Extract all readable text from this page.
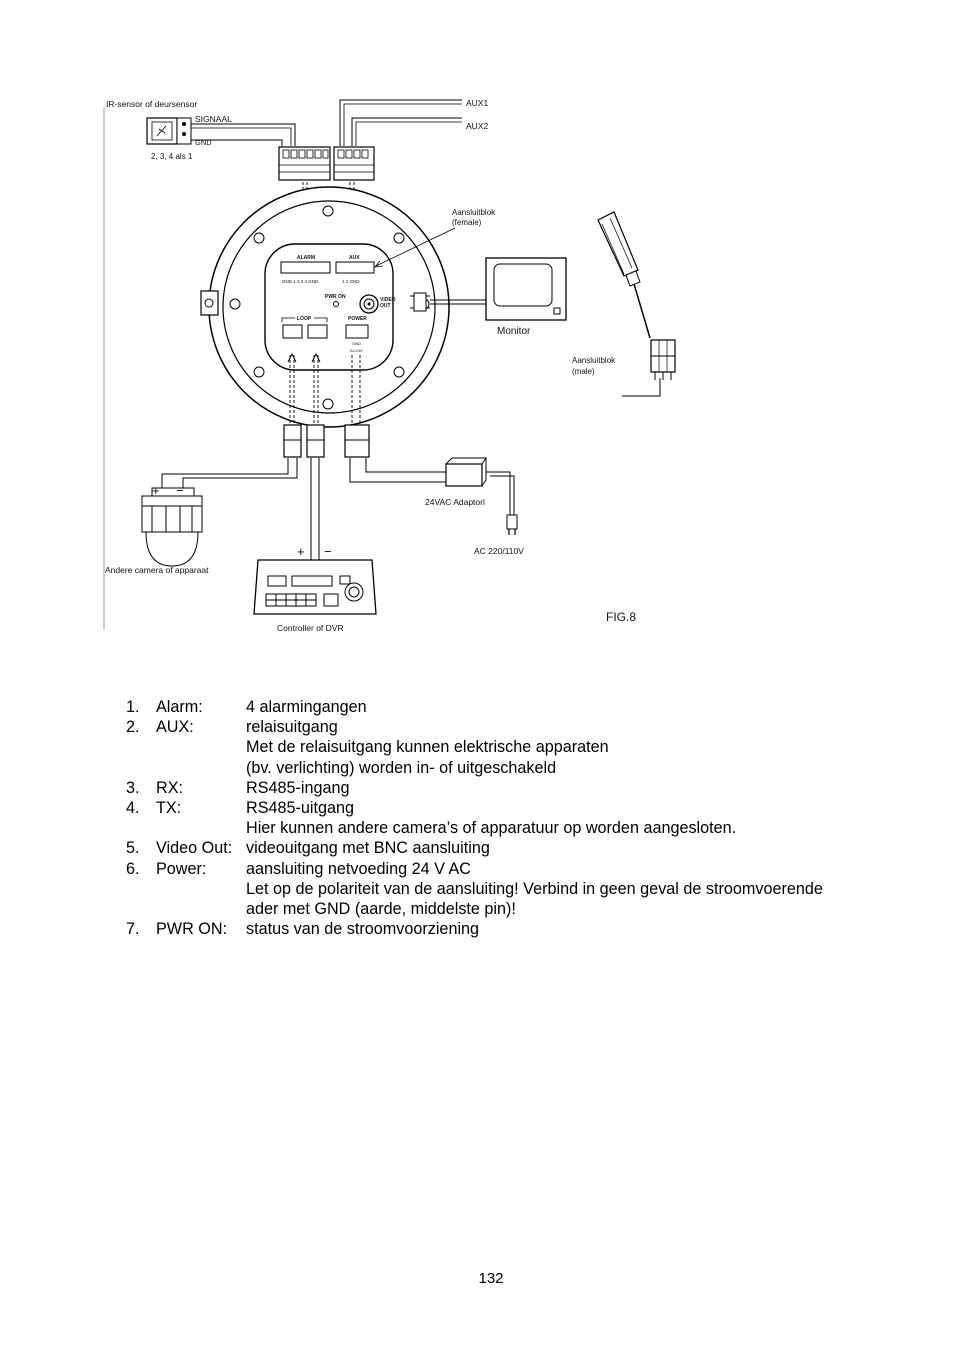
IR-sensor of deursensor
SIGNAAL
GND
2, 3, 4 als 1
AUX1
AUX2
ALARM	AUX
GND 1 2 3 4 GND	1 2 GND
PWR ON	VIDEO
OUT
LOOP	POWER
GND
AC24V
+ −
Andere camera of apparaat
+ −
Controller of DVR
24VAC Adaptorl
AC 220/110V
Aansluitblok
(female)
Monitor
Aansluitblok
(male)
FIG.8
1.	Alarm:	4 alarmingangen
2.	AUX:	relaisuitgang
Met de relaisuitgang kunnen elektrische apparaten
(bv. verlichting) worden in- of uitgeschakeld
3.	RX:	RS485-ingang
4.	TX:	RS485-uitgang
Hier kunnen andere camera’s of apparatuur op worden aangesloten.
5.	Video Out: videouitgang met BNC aansluiting
6.	Power:	aansluiting netvoeding 24 V AC
Let op de polariteit van de aansluiting! Verbind in geen geval de stroomvoerende
ader met GND (aarde, middelste pin)!
7.	PWR ON:	status van de stroomvoorziening
132
